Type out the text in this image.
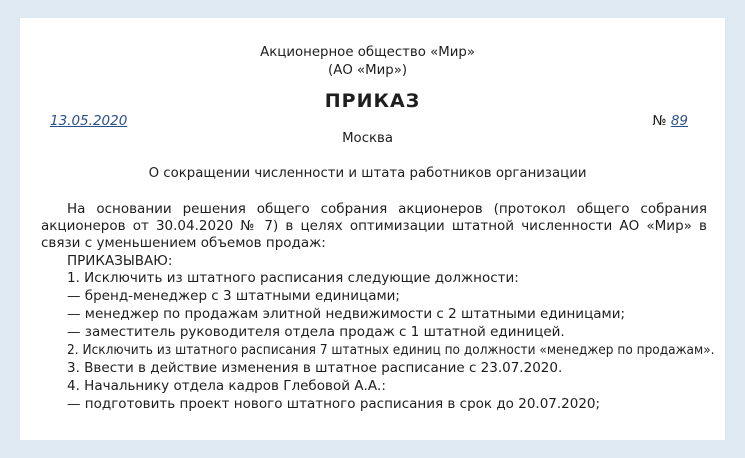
Акционерное общество «Мир»
(АО «Мир»)
ПРИКАЗ
13.05.2020	№ 89
Москва
О сокращении численности и штата работников организации
На основании решения общего собрания акционеров (протокол общего собрания акционеров от 30.04.2020 № 7) в целях оптимизации штатной численности АО «Мир» в связи с уменьшением объемов продаж:
ПРИКАЗЫВАЮ:
1. Исключить из штатного расписания следующие должности:
— бренд-менеджер с 3 штатными единицами;
— менеджер по продажам элитной недвижимости с 2 штатными единицами;
— заместитель руководителя отдела продаж с 1 штатной единицей.
2. Исключить из штатного расписания 7 штатных единиц по должности «менеджер по продажам».
3. Ввести в действие изменения в штатное расписание с 23.07.2020.
4. Начальнику отдела кадров Глебовой А.А.:
— подготовить проект нового штатного расписания в срок до 20.07.2020;
